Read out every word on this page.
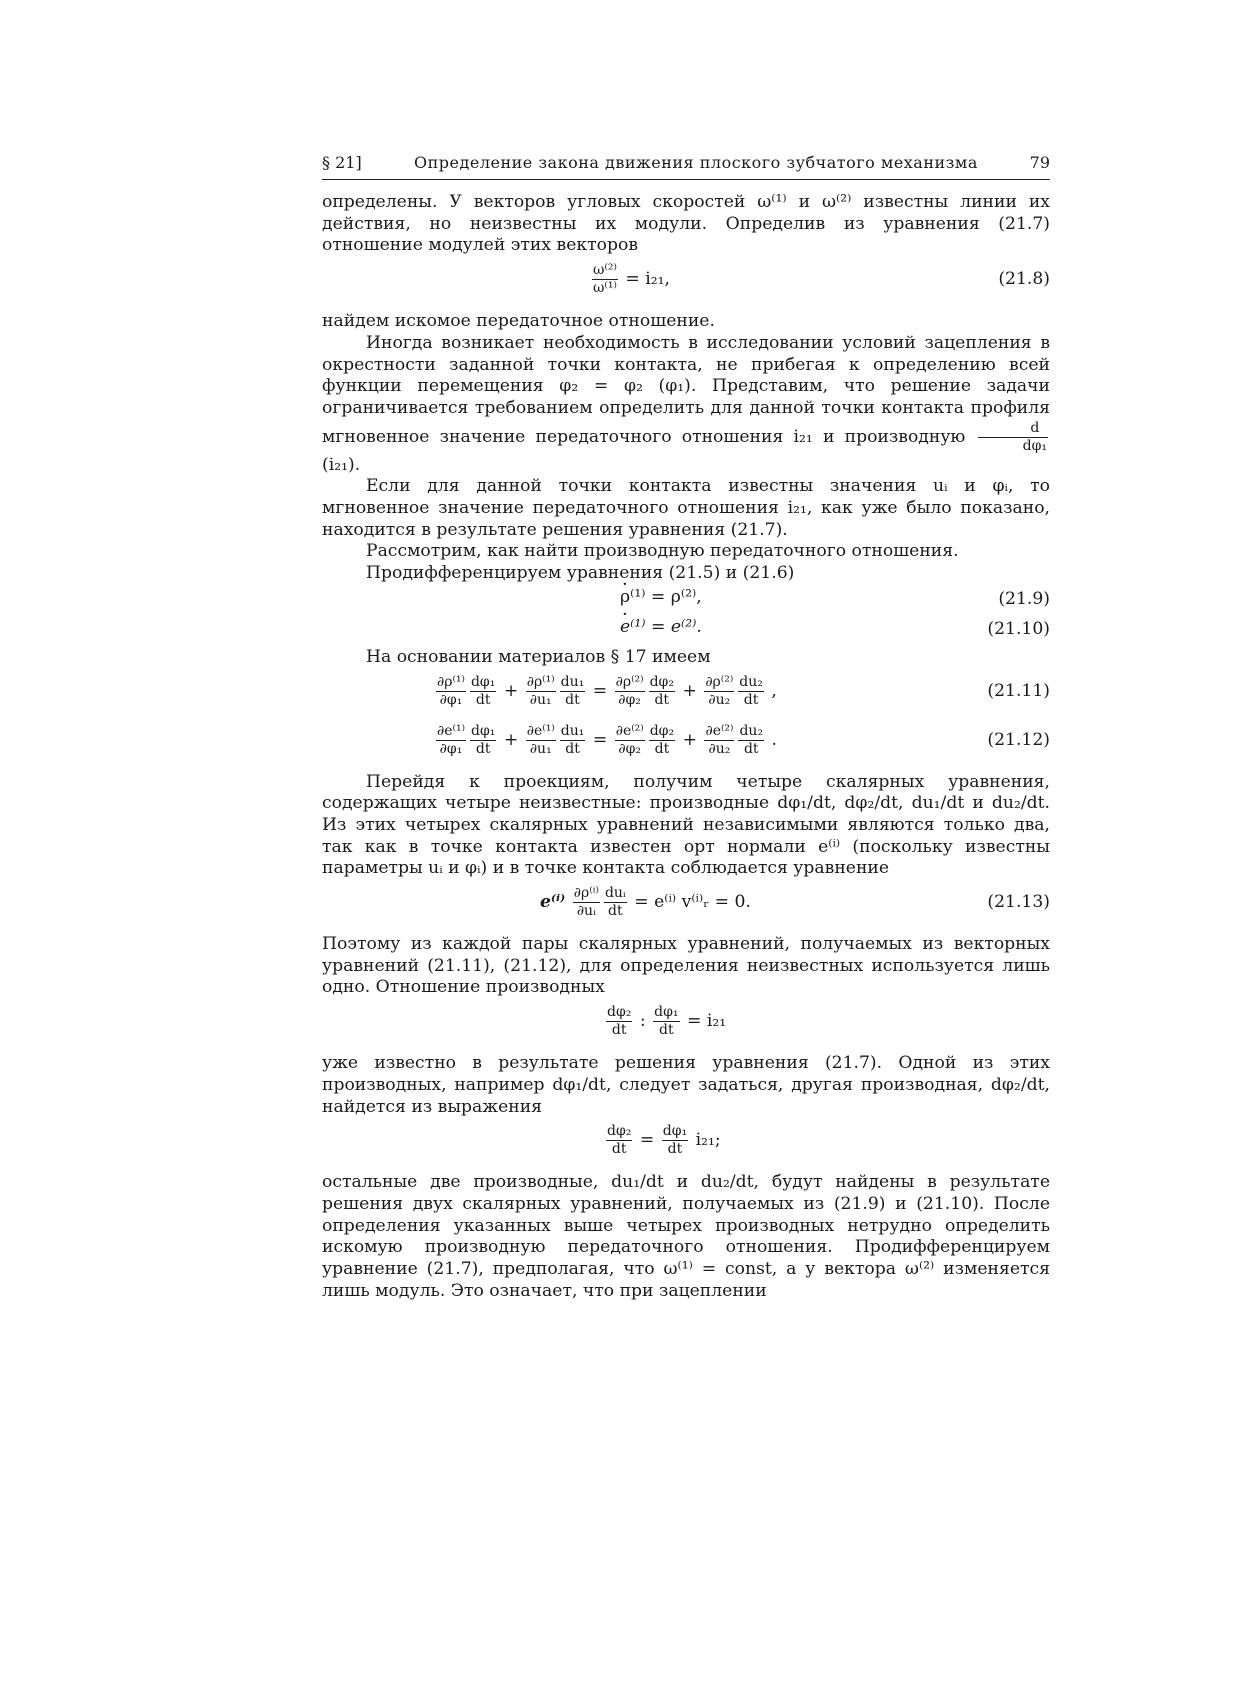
§ 21]	Определение закона движения плоского зубчатого механизма	79

определены. У векторов угловых скоростей ω⁽¹⁾ и ω⁽²⁾ известны линии их действия, но неизвестны их модули. Определив из уравнения (21.7) отношение модулей этих векторов

$\frac{\text{ω⁽²⁾}}{\text{ω⁽¹⁾}} = i_{21}$,	(21.8)

найдем искомое передаточное отношение.

Иногда возникает необходимость в исследовании условий зацепления в окрестности заданной точки контакта, не прибегая к определению всей функции перемещения φ₂ = φ₂ (φ₁). Представим, что решение задачи ограничивается требованием определить для данной точки контакта профиля мгновенное значение передаточного отношения i₂₁ и производную $\frac{d}{\text{dφ₁}}$
(i₂₁).

Если для данной точки контакта известны значения uᵢ и φᵢ, то мгновенное значение передаточного отношения i₂₁, как уже было показано, находится в результате решения уравнения (21.7).

Рассмотрим, как найти производную передаточного отношения.

Продифференцируем уравнения (21.5) и (21.6)

· ρ⁽¹⁾ = ρ⁽²⁾,	(21.9)
· e⁽¹⁾ = e⁽²⁾.	(21.10)

На основании материалов § 17 имеем

$\frac{\text{∂ρ⁽¹⁾}}{\text{∂φ₁}} \frac{\text{dφ₁}}{dt} + \frac{\text{∂ρ⁽¹⁾}}{\text{∂u₁}} \frac{\text{du₁}}{dt} = \frac{\text{∂ρ⁽²⁾}}{\text{∂φ₂}} \frac{\text{dφ₂}}{dt} + \frac{\text{∂ρ⁽²⁾}}{\text{∂u₂}} \frac{\text{du₂}}{dt}$ ,	(21.11)
$\frac{\text{∂e⁽¹⁾}}{\text{∂φ₁}} \frac{\text{dφ₁}}{dt} + \frac{\text{∂e⁽¹⁾}}{\text{∂u₁}} \frac{\text{du₁}}{dt} = \frac{\text{∂e⁽²⁾}}{\text{∂φ₂}} \frac{\text{dφ₂}}{dt} + \frac{\text{∂e⁽²⁾}}{\text{∂u₂}} \frac{\text{du₂}}{dt}$ .	(21.12)

Перейдя к проекциям, получим четыре скалярных уравнения, содержащих четыре неизвестные: производные dφ₁/dt, dφ₂/dt, du₁/dt и du₂/dt. Из этих четырех скалярных уравнений независимыми являются только два, так как в точке контакта известен орт нормали e⁽ⁱ⁾ (поскольку известны параметры uᵢ и φᵢ) и в точке контакта соблюдается уравнение

$e^{(i)} \frac{\text{∂ρ⁽ⁱ⁾}}{\text{∂uᵢ}}$ duᵢ
dt = e⁽ⁱ⁾ v⁽ⁱ⁾ᵣ = 0.	(21.13)

Поэтому из каждой пары скалярных уравнений, получаемых из векторных уравнений (21.11), (21.12), для определения неизвестных используется лишь одно. Отношение производных

$\frac{\text{dφ₂}}{dt}$ : $\frac{\text{dφ₁}}{dt} = i_{21}$

уже известно в результате решения уравнения (21.7). Одной из этих производных, например dφ₁/dt, следует задаться, другая производная, dφ₂/dt, найдется из выражения

$\frac{\text{dφ₂}}{dt} = \frac{\text{dφ₁}}{dt} i_{21}$;

остальные две производные, du₁/dt и du₂/dt, будут найдены в результате решения двух скалярных уравнений, получаемых из (21.9) и (21.10). После определения указанных выше четырех производных нетрудно определить искомую производную передаточного отношения. Продифференцируем уравнение (21.7), предполагая, что ω⁽¹⁾ = const, а у вектора ω⁽²⁾ изменяется лишь модуль. Это означает, что при зацеплении
